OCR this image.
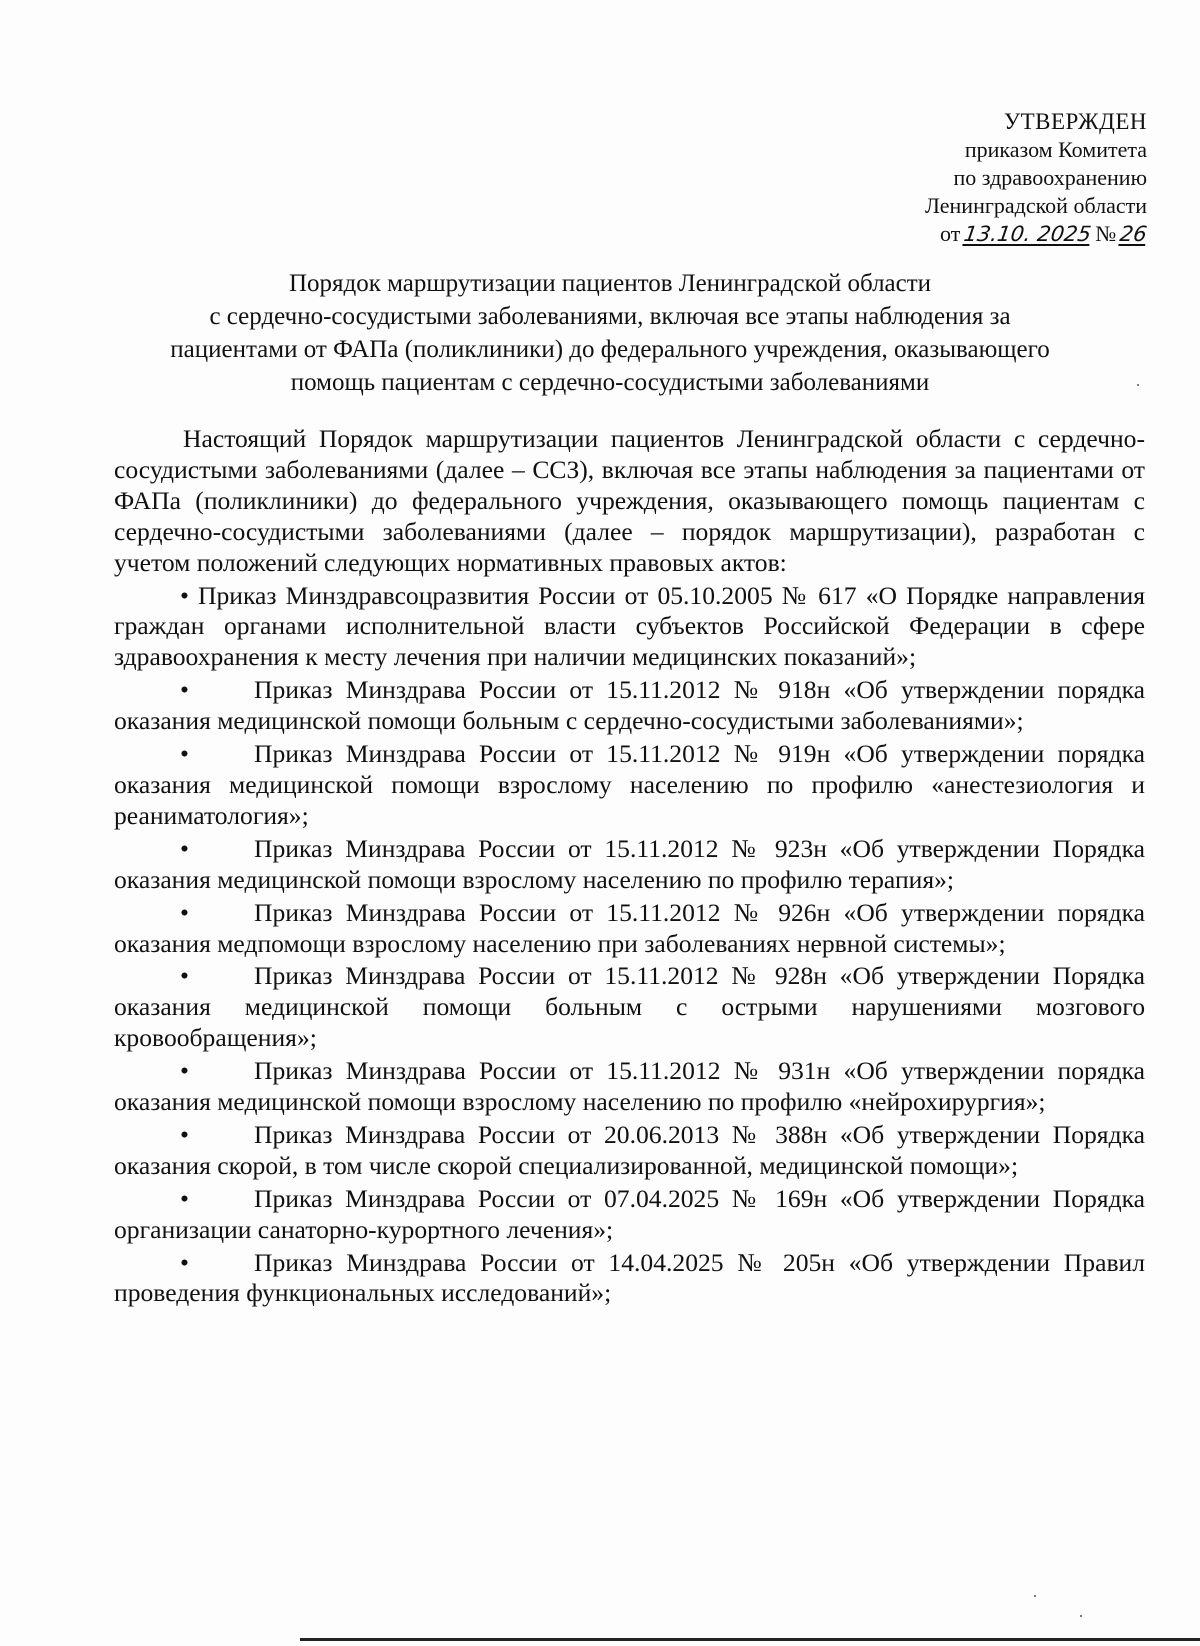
УТВЕРЖДЕН
приказом Комитета
по здравоохранению
Ленинградской области
от 13.10. 2025 № 26
Порядок маршрутизации пациентов Ленинградской области
с сердечно-сосудистыми заболеваниями, включая все этапы наблюдения за
пациентами от ФАПа (поликлиники) до федерального учреждения, оказывающего
помощь пациентам с сердечно-сосудистыми заболеваниями

Настоящий Порядок маршрутизации пациентов Ленинградской области с сердечно-сосудистыми заболеваниями (далее – ССЗ), включая все этапы наблюдения за пациентами от ФАПа (поликлиники) до федерального учреждения, оказывающего помощь пациентам с сердечно-сосудистыми заболеваниями (далее – порядок маршрутизации), разработан с учетом положений следующих нормативных правовых актов:

• Приказ Минздравсоцразвития России от 05.10.2005 № 617 «О Порядке направления граждан органами исполнительной власти субъектов Российской Федерации в сфере здравоохранения к месту лечения при наличии медицинских показаний»;

•	Приказ Минздрава России от 15.11.2012 № 918н «Об утверждении порядка оказания медицинской помощи больным с сердечно-сосудистыми заболеваниями»;

•	Приказ Минздрава России от 15.11.2012 № 919н «Об утверждении порядка оказания медицинской помощи взрослому населению по профилю «анестезиология и реаниматология»;

•	Приказ Минздрава России от 15.11.2012 № 923н «Об утверждении Порядка оказания медицинской помощи взрослому населению по профилю терапия»;

•	Приказ Минздрава России от 15.11.2012 № 926н «Об утверждении порядка оказания медпомощи взрослому населению при заболеваниях нервной системы»;

•	Приказ Минздрава России от 15.11.2012 № 928н «Об утверждении Порядка оказания медицинской помощи больным с острыми нарушениями мозгового кровообращения»;

•	Приказ Минздрава России от 15.11.2012 № 931н «Об утверждении порядка оказания медицинской помощи взрослому населению по профилю «нейрохирургия»;

•	Приказ Минздрава России от 20.06.2013 № 388н «Об утверждении Порядка оказания скорой, в том числе скорой специализированной, медицинской помощи»;

•	Приказ Минздрава России от 07.04.2025 № 169н «Об утверждении Порядка организации санаторно-курортного лечения»;

•	Приказ Минздрава России от 14.04.2025 № 205н «Об утверждении Правил проведения функциональных исследований»;
